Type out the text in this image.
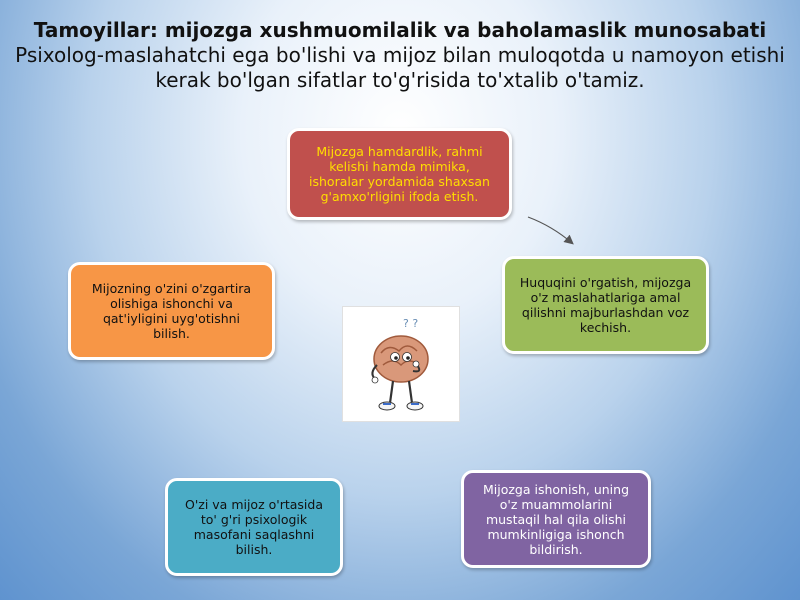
Tamoyillar: mijozga xushmuomilalik va baholamaslik munosabati
Psixolog-maslahatchi ega bo'lishi va mijoz bilan muloqotda u namoyon etishi kerak bo'lgan sifatlar to'g'risida to'xtalib o'tamiz.
Mijozga hamdardlik, rahmi kelishi hamda mimika, ishoralar yordamida shaxsan g'amxo'rligini ifoda etish.
Huquqini o'rgatish, mijozga o'z maslahatlariga amal qilishni majburlashdan voz kechish.
Mijozga ishonish, uning o'z muammolarini mustaqil hal qila olishi mumkinligiga ishonch bildirish.
O'zi va mijoz o'rtasida to' g'ri psixologik masofani saqlashni bilish.
Mijozning o'zini o'zgartira olishiga ishonchi va qat'iyligini uyg'otishni bilish.
? ?
